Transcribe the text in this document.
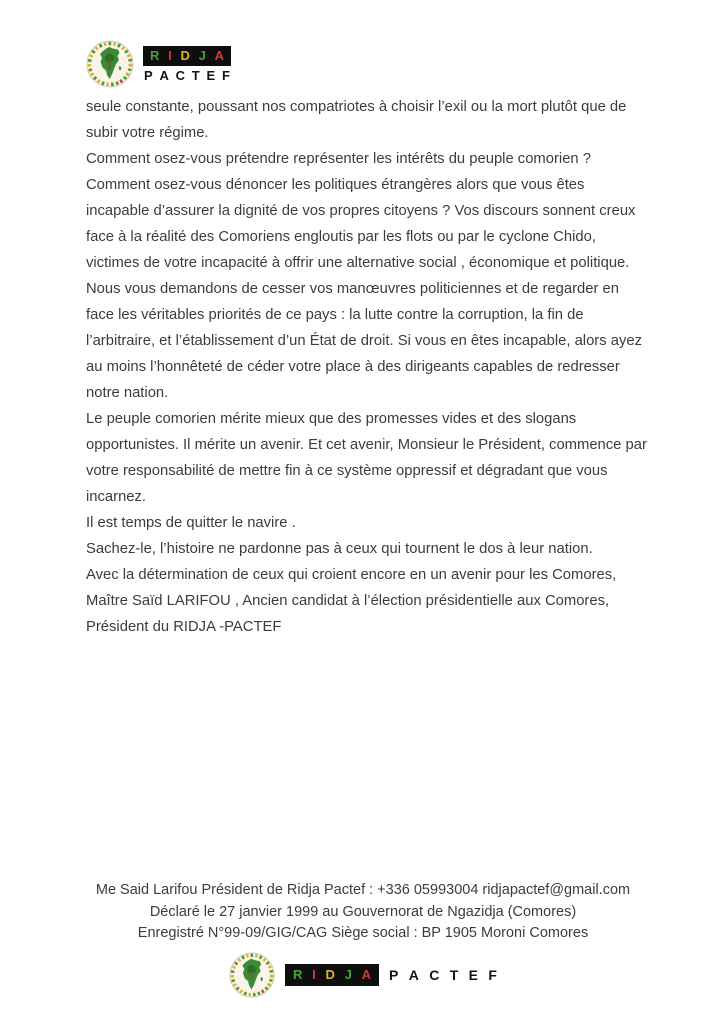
R I D J A
P A C T E F

seule constante, poussant nos compatriotes à choisir l’exil ou la mort plutôt que de subir votre régime.

Comment osez-vous prétendre représenter les intérêts du peuple comorien ? Comment osez-vous dénoncer les politiques étrangères alors que vous êtes incapable d’assurer la dignité de vos propres citoyens ? Vos discours sonnent creux face à la réalité des Comoriens engloutis par les flots ou par le cyclone Chido, victimes de votre incapacité à offrir une alternative social , économique et politique.

Nous vous demandons de cesser vos manœuvres politiciennes et de regarder en face les véritables priorités de ce pays : la lutte contre la corruption, la fin de l’arbitraire, et l’établissement d’un État de droit. Si vous en êtes incapable, alors ayez au moins l’honnêteté de céder votre place à des dirigeants capables de redresser notre nation.

Le peuple comorien mérite mieux que des promesses vides et des slogans opportunistes. Il mérite un avenir. Et cet avenir, Monsieur le Président, commence par votre responsabilité de mettre fin à ce système oppressif et dégradant que vous incarnez.

Il est temps de quitter le navire .

Sachez-le, l’histoire ne pardonne pas à ceux qui tournent le dos à leur nation.

Avec la détermination de ceux qui croient encore en un avenir pour les Comores,

Maître Saïd LARIFOU , Ancien candidat à l’élection présidentielle aux Comores,

Président du RIDJA -PACTEF

Me Said Larifou Président de Ridja Pactef : +336 05993004 ridjapactef@gmail.com

Déclaré le 27 janvier 1999 au Gouvernorat de Ngazidja (Comores)

Enregistré N°99-09/GIG/CAG Siège social : BP 1905 Moroni Comores

R I D J A P A C T E F
